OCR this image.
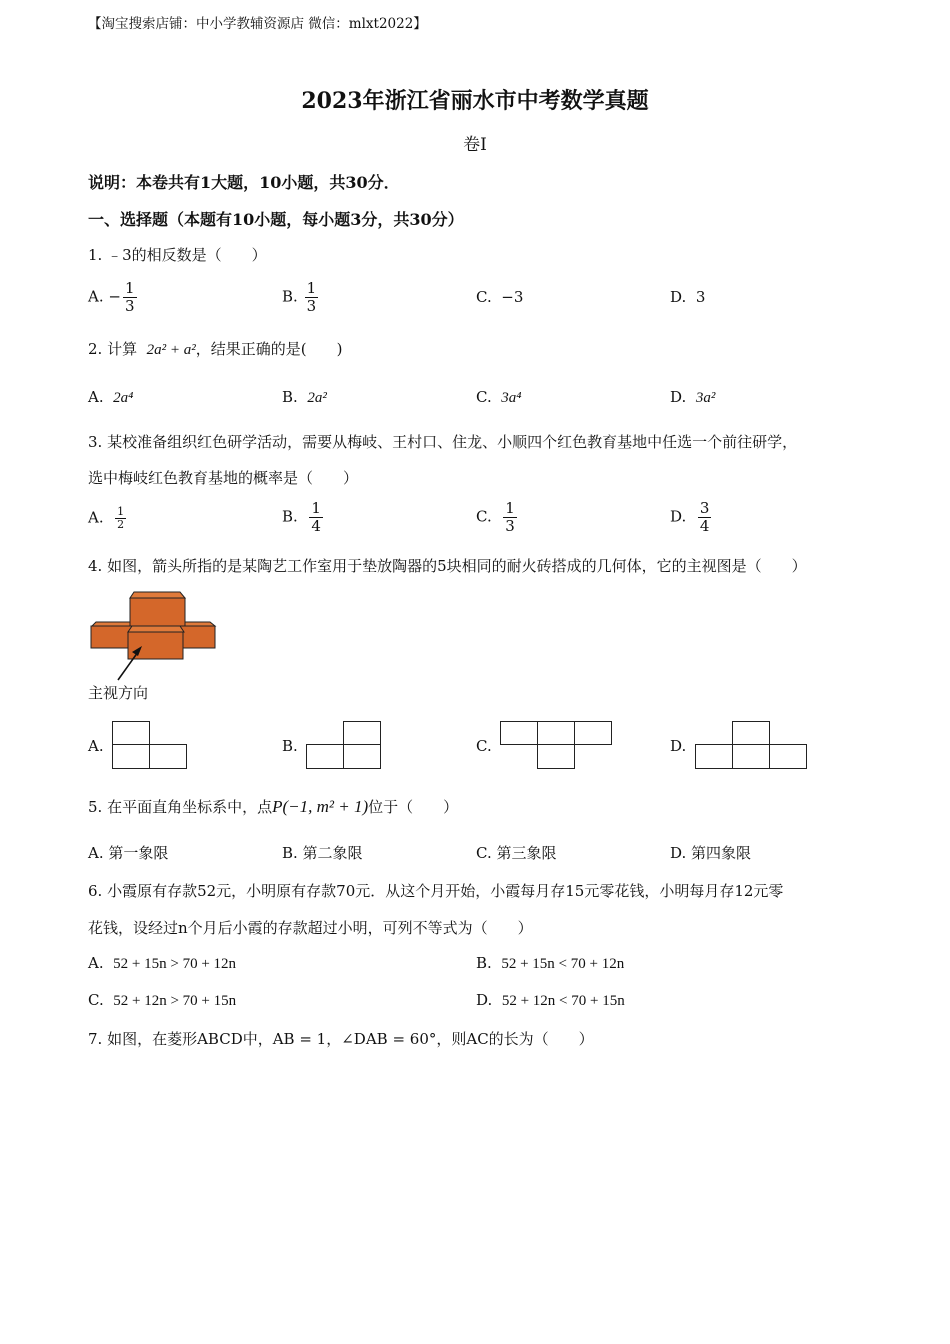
【淘宝搜索店铺：中小学教辅资源店 微信：mlxt2022】
2023年浙江省丽水市中考数学真题
卷Ⅰ
说明：本卷共有1大题，10小题，共30分．
一、选择题（本题有10小题，每小题3分，共30分）
1. ﹣3的相反数是（　　）
A. − $\frac{1}{3}$	B. $\frac{1}{3}$	C. −3	D. 3
2. 计算 2a² + a²，结果正确的是(　　)
A. 2a⁴	B. 2a²	C. 3a⁴	D. 3a²
3. 某校准备组织红色研学活动，需要从梅岐、王村口、住龙、小顺四个红色教育基地中任选一个前往研学，
选中梅岐红色教育基地的概率是（　　）
A. $\frac{1}{2}$	B. $\frac{1}{4}$	C. $\frac{1}{3}$	D. $\frac{3}{4}$
4. 如图，箭头所指的是某陶艺工作室用于垫放陶器的5块相同的耐火砖搭成的几何体，它的主视图是（　　）
主视方向
A.	B.	C.	D.
5. 在平面直角坐标系中，点P(−1, m² + 1)位于（　　）
A. 第一象限	B. 第二象限	C. 第三象限	D. 第四象限
6. 小霞原有存款52元，小明原有存款70元．从这个月开始，小霞每月存15元零花钱，小明每月存12元零
花钱，设经过n个月后小霞的存款超过小明，可列不等式为（　　）
A. 52 + 15n > 70 + 12n	B. 52 + 15n < 70 + 12n
C. 52 + 12n > 70 + 15n	D. 52 + 12n < 70 + 15n
7. 如图，在菱形ABCD中，AB = 1，∠DAB = 60°，则AC的长为（　　）
